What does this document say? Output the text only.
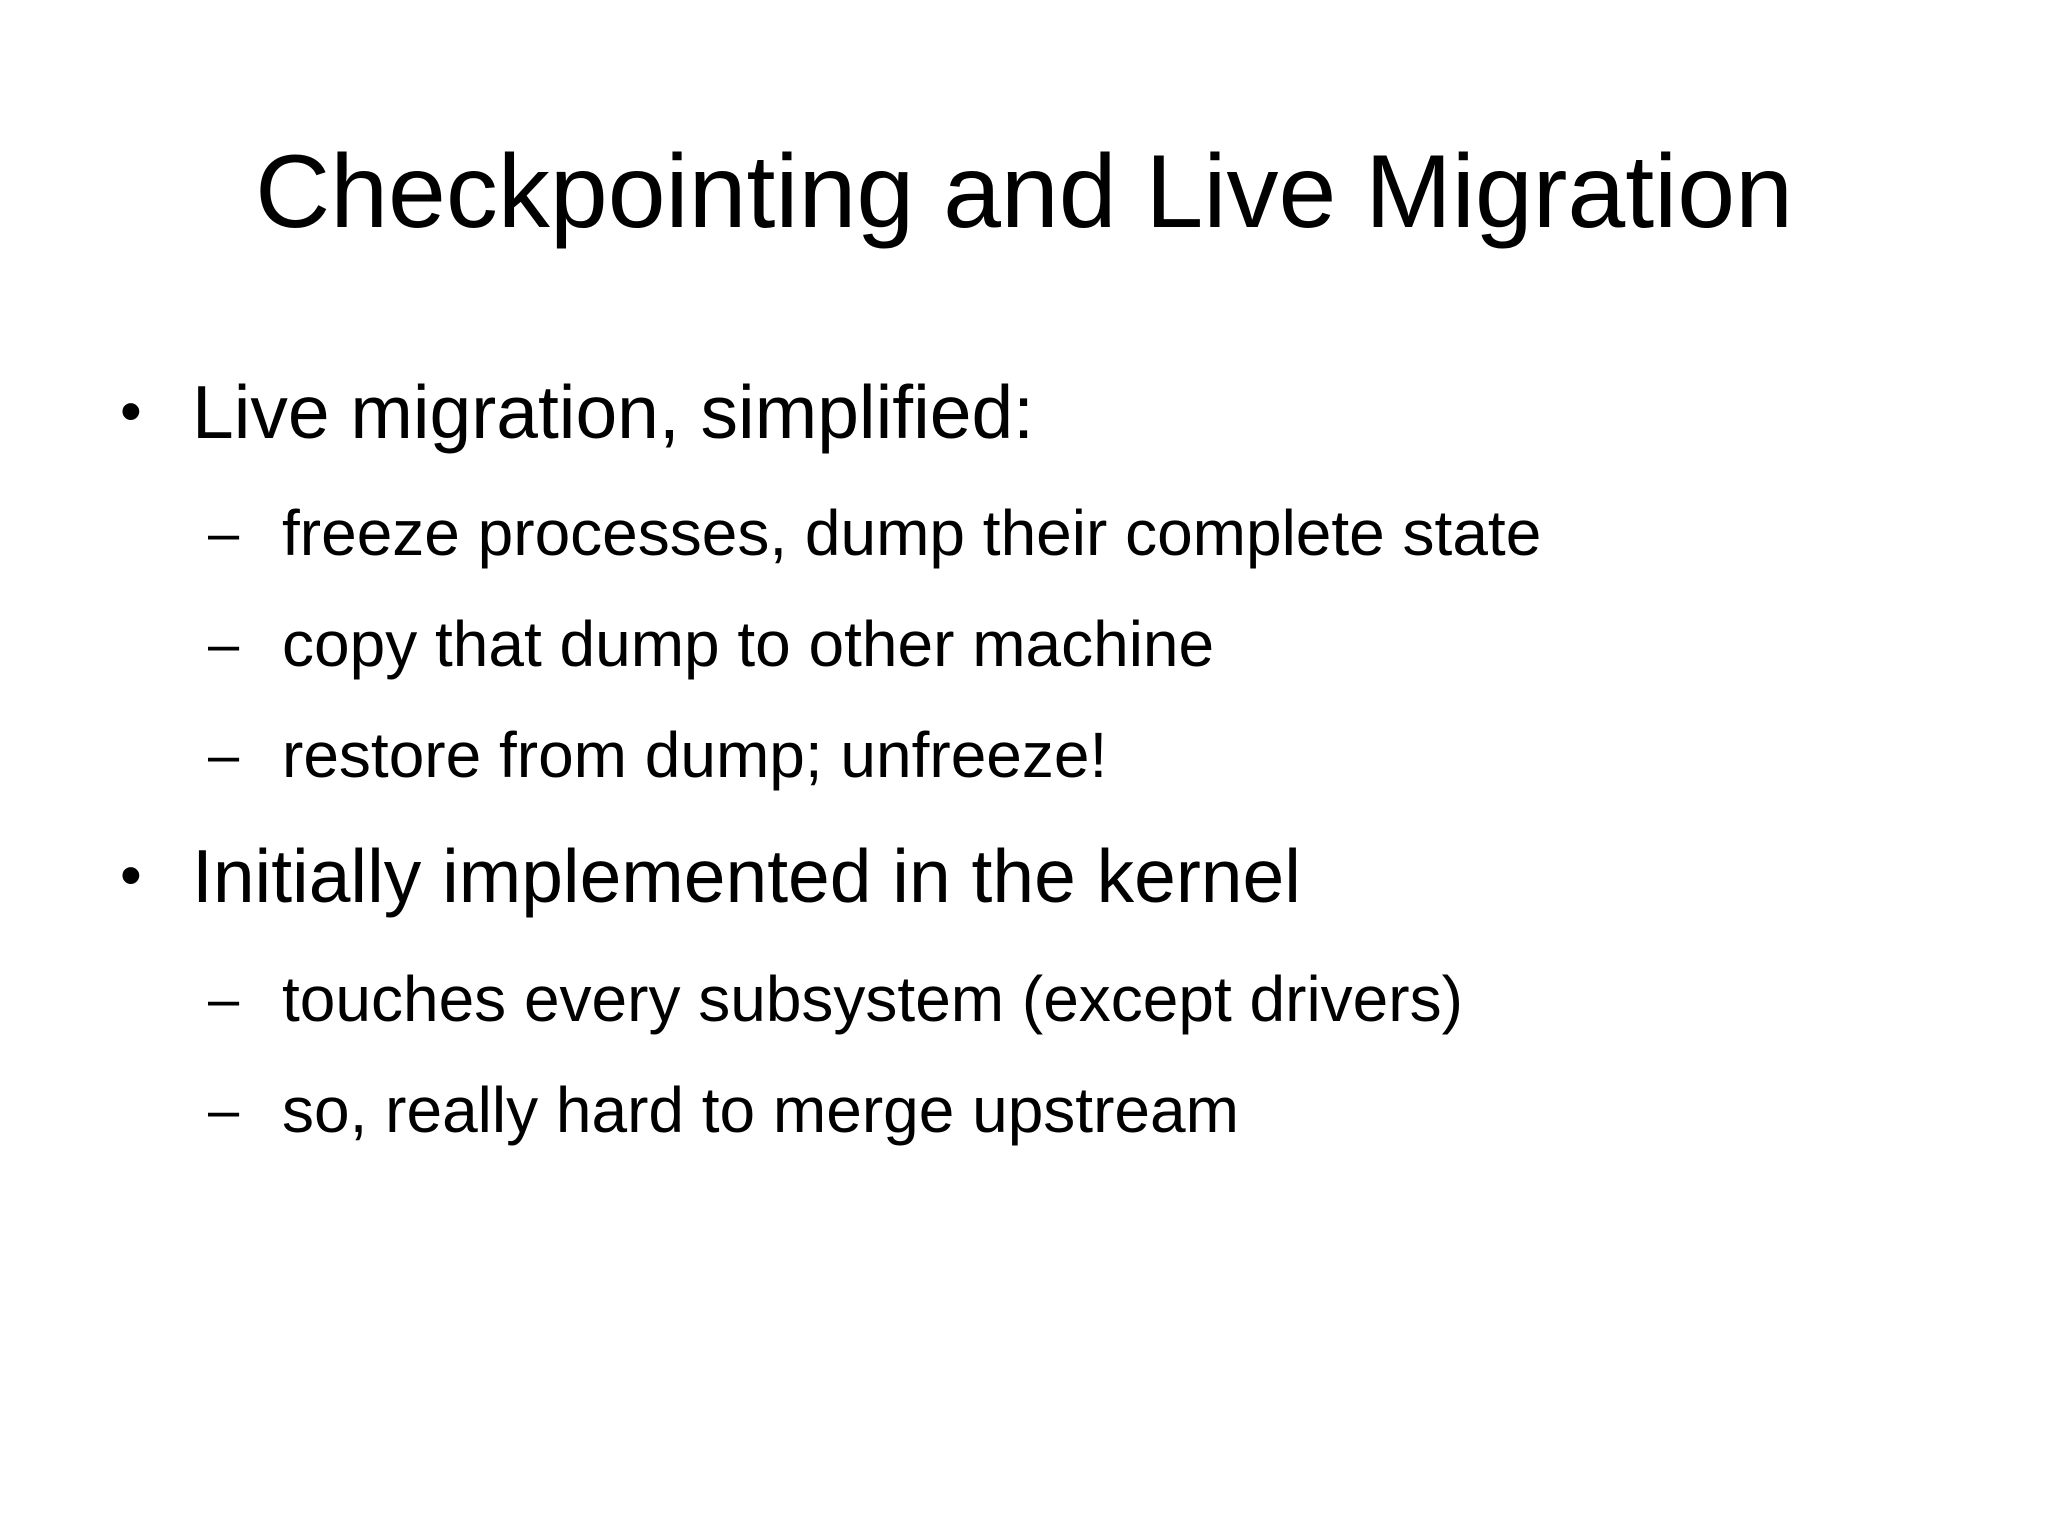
Checkpointing and Live Migration
• Live migration, simplified:
– freeze processes, dump their complete state
– copy that dump to other machine
– restore from dump; unfreeze!
• Initially implemented in the kernel
– touches every subsystem (except drivers)
– so, really hard to merge upstream
